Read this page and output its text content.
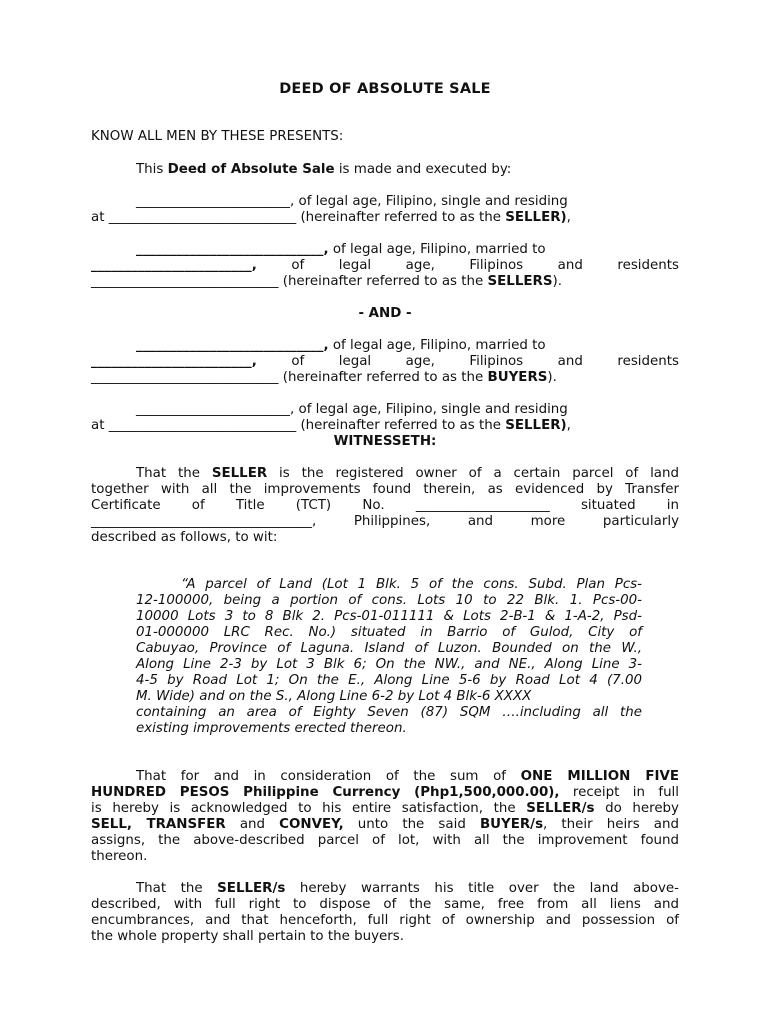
DEED OF ABSOLUTE SALE
KNOW ALL MEN BY THESE PRESENTS:
This Deed of Absolute Sale is made and executed by:
_______________________, of legal age, Filipino, single and residing
at ____________________________ (hereinafter referred to as the SELLER),
____________________________, of legal age, Filipino, married to
________________________,	of legal age, Filipinos and residents
____________________________ (hereinafter referred to as the SELLERS).
- AND -
____________________________, of legal age, Filipino, married to
________________________,	of legal age, Filipinos and residents
____________________________ (hereinafter referred to as the BUYERS).
_______________________, of legal age, Filipino, single and residing
at ____________________________ (hereinafter referred to as the SELLER),
WITNESSETH:
That the SELLER is the registered owner of a certain parcel of land
together with all the improvements found therein, as evidenced by Transfer
Certificate of Title (TCT) No. ____________________ situated in
_________________________________,	Philippines, and more particularly
described as follows, to wit:
“A parcel of Land (Lot 1 Blk. 5 of the cons. Subd. Plan Pcs-
12-100000, being a portion of cons. Lots 10 to 22 Blk. 1. Pcs-00-
10000 Lots 3 to 8 Blk 2. Pcs-01-011111 & Lots 2-B-1 & 1-A-2, Psd-
01-000000 LRC Rec. No.) situated in Barrio of Gulod, City of
Cabuyao, Province of Laguna. Island of Luzon. Bounded on the W.,
Along Line 2-3 by Lot 3 Blk 6; On the NW., and NE., Along Line 3-
4-5 by Road Lot 1; On the E., Along Line 5-6 by Road Lot 4 (7.00
M. Wide) and on the S., Along Line 6-2 by Lot 4 Blk-6 XXXX
containing an area of Eighty Seven (87) SQM ….including all the
existing improvements erected thereon.
That for and in consideration of the sum of ONE MILLION FIVE
HUNDRED PESOS Philippine Currency (Php1,500,000.00), receipt in full
is hereby is acknowledged to his entire satisfaction, the SELLER/s do hereby
SELL, TRANSFER and CONVEY, unto the said BUYER/s, their heirs and
assigns, the above-described parcel of lot, with all the improvement found
thereon.
That the SELLER/s hereby warrants his title over the land above-
described, with full right to dispose of the same, free from all liens and
encumbrances, and that henceforth, full right of ownership and possession of
the whole property shall pertain to the buyers.
